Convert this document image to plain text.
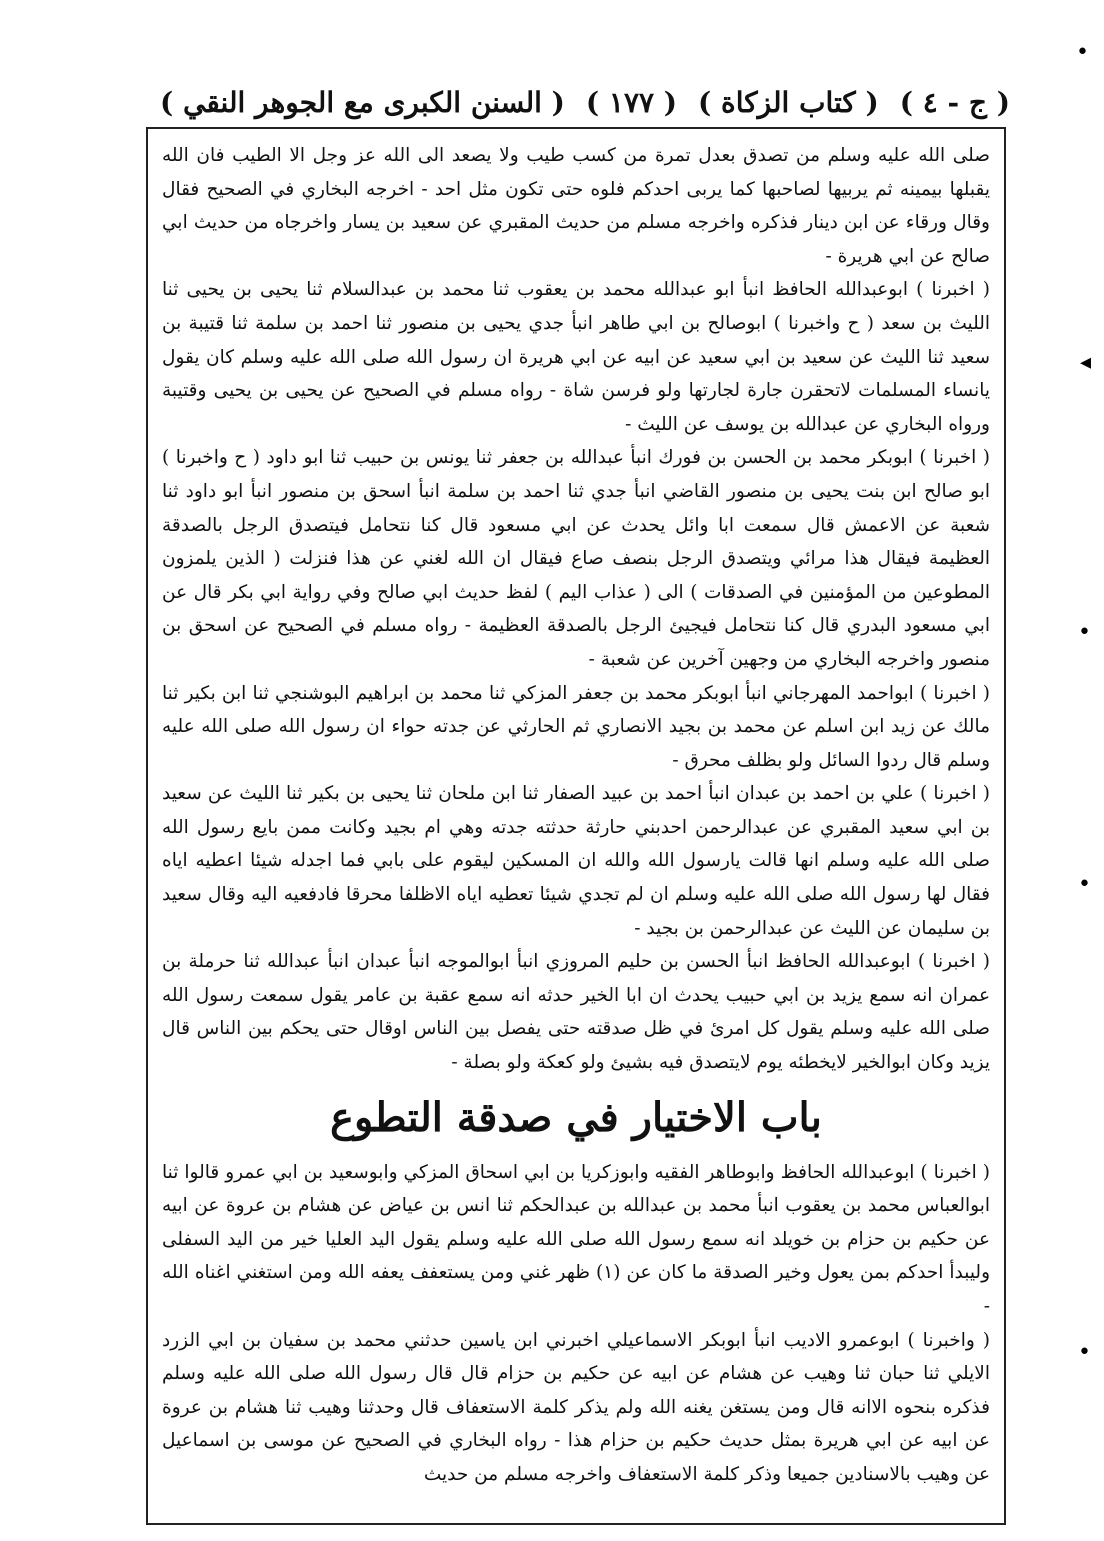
( السنن الكبرى مع الجوهر النقي ) ( ١٧٧ ) ( كتاب الزكاة ) ( ج - ٤ )
•
◂
•
•
•

صلى الله عليه وسلم من تصدق بعدل تمرة من كسب طيب ولا يصعد الى الله عز وجل الا الطيب فان الله يقبلها بيمينه ثم يربيها لصاحبها كما يربى احدكم فلوه حتى تكون مثل احد - اخرجه البخاري في الصحيح فقال وقال ورقاء عن ابن دينار فذكره واخرجه مسلم من حديث المقبري عن سعيد بن يسار واخرجاه من حديث ابي صالح عن ابي هريرة -

( اخبرنا ) ابوعبدالله الحافظ انبأ ابو عبدالله محمد بن يعقوب ثنا محمد بن عبدالسلام ثنا يحيى بن يحيى ثنا الليث بن سعد ( ح واخبرنا ) ابوصالح بن ابي طاهر انبأ جدي يحيى بن منصور ثنا احمد بن سلمة ثنا قتيبة بن سعيد ثنا الليث عن سعيد بن ابي سعيد عن ابيه عن ابي هريرة ان رسول الله صلى الله عليه وسلم كان يقول يانساء المسلمات لاتحقرن جارة لجارتها ولو فرسن شاة - رواه مسلم في الصحيح عن يحيى بن يحيى وقتيبة ورواه البخاري عن عبدالله بن يوسف عن الليث -

( اخبرنا ) ابوبكر محمد بن الحسن بن فورك انبأ عبدالله بن جعفر ثنا يونس بن حبيب ثنا ابو داود ( ح واخبرنا ) ابو صالح ابن بنت يحيى بن منصور القاضي انبأ جدي ثنا احمد بن سلمة انبأ اسحق بن منصور انبأ ابو داود ثنا شعبة عن الاعمش قال سمعت ابا وائل يحدث عن ابي مسعود قال كنا نتحامل فيتصدق الرجل بالصدقة العظيمة فيقال هذا مرائي ويتصدق الرجل بنصف صاع فيقال ان الله لغني عن هذا فنزلت ( الذين يلمزون المطوعين من المؤمنين في الصدقات ) الى ( عذاب اليم ) لفظ حديث ابي صالح وفي رواية ابي بكر قال عن ابي مسعود البدري قال كنا نتحامل فيجيئ الرجل بالصدقة العظيمة - رواه مسلم في الصحيح عن اسحق بن منصور واخرجه البخاري من وجهين آخرين عن شعبة -

( اخبرنا ) ابواحمد المهرجاني انبأ ابوبكر محمد بن جعفر المزكي ثنا محمد بن ابراهيم البوشنجي ثنا ابن بكير ثنا مالك عن زيد ابن اسلم عن محمد بن بجيد الانصاري ثم الحارثي عن جدته حواء ان رسول الله صلى الله عليه وسلم قال ردوا السائل ولو بظلف محرق -

( اخبرنا ) علي بن احمد بن عبدان انبأ احمد بن عبيد الصفار ثنا ابن ملحان ثنا يحيى بن بكير ثنا الليث عن سعيد بن ابي سعيد المقبري عن عبدالرحمن احدبني حارثة حدثته جدته وهي ام بجيد وكانت ممن بايع رسول الله صلى الله عليه وسلم انها قالت يارسول الله والله ان المسكين ليقوم على بابي فما اجدله شيئا اعطيه اياه فقال لها رسول الله صلى الله عليه وسلم ان لم تجدي شيئا تعطيه اياه الاظلفا محرقا فادفعيه اليه وقال سعيد بن سليمان عن الليث عن عبدالرحمن بن بجيد -

( اخبرنا ) ابوعبدالله الحافظ انبأ الحسن بن حليم المروزي انبأ ابوالموجه انبأ عبدان انبأ عبدالله ثنا حرملة بن عمران انه سمع يزيد بن ابي حبيب يحدث ان ابا الخير حدثه انه سمع عقبة بن عامر يقول سمعت رسول الله صلى الله عليه وسلم يقول كل امرئ في ظل صدقته حتى يفصل بين الناس اوقال حتى يحكم بين الناس قال يزيد وكان ابوالخير لايخطئه يوم لايتصدق فيه بشيئ ولو كعكة ولو بصلة -

باب الاختيار في صدقة التطوع

( اخبرنا ) ابوعبدالله الحافظ وابوطاهر الفقيه وابوزكريا بن ابي اسحاق المزكي وابوسعيد بن ابي عمرو قالوا ثنا ابوالعباس محمد بن يعقوب انبأ محمد بن عبدالله بن عبدالحكم ثنا انس بن عياض عن هشام بن عروة عن ابيه عن حكيم بن حزام بن خويلد انه سمع رسول الله صلى الله عليه وسلم يقول اليد العليا خير من اليد السفلى وليبدأ احدكم بمن يعول وخير الصدقة ما كان عن (١) ظهر غني ومن يستعفف يعفه الله ومن استغني اغناه الله -

( واخبرنا ) ابوعمرو الاديب انبأ ابوبكر الاسماعيلي اخبرني ابن ياسين حدثني محمد بن سفيان بن ابي الزرد الايلي ثنا حبان ثنا وهيب عن هشام عن ابيه عن حكيم بن حزام قال قال رسول الله صلى الله عليه وسلم فذكره بنحوه الاانه قال ومن يستغن يغنه الله ولم يذكر كلمة الاستعفاف قال وحدثنا وهيب ثنا هشام بن عروة عن ابيه عن ابي هريرة بمثل حديث حكيم بن حزام هذا - رواه البخاري في الصحيح عن موسى بن اسماعيل عن وهيب بالاسنادين جميعا وذكر كلمة الاستعفاف واخرجه مسلم من حديث
